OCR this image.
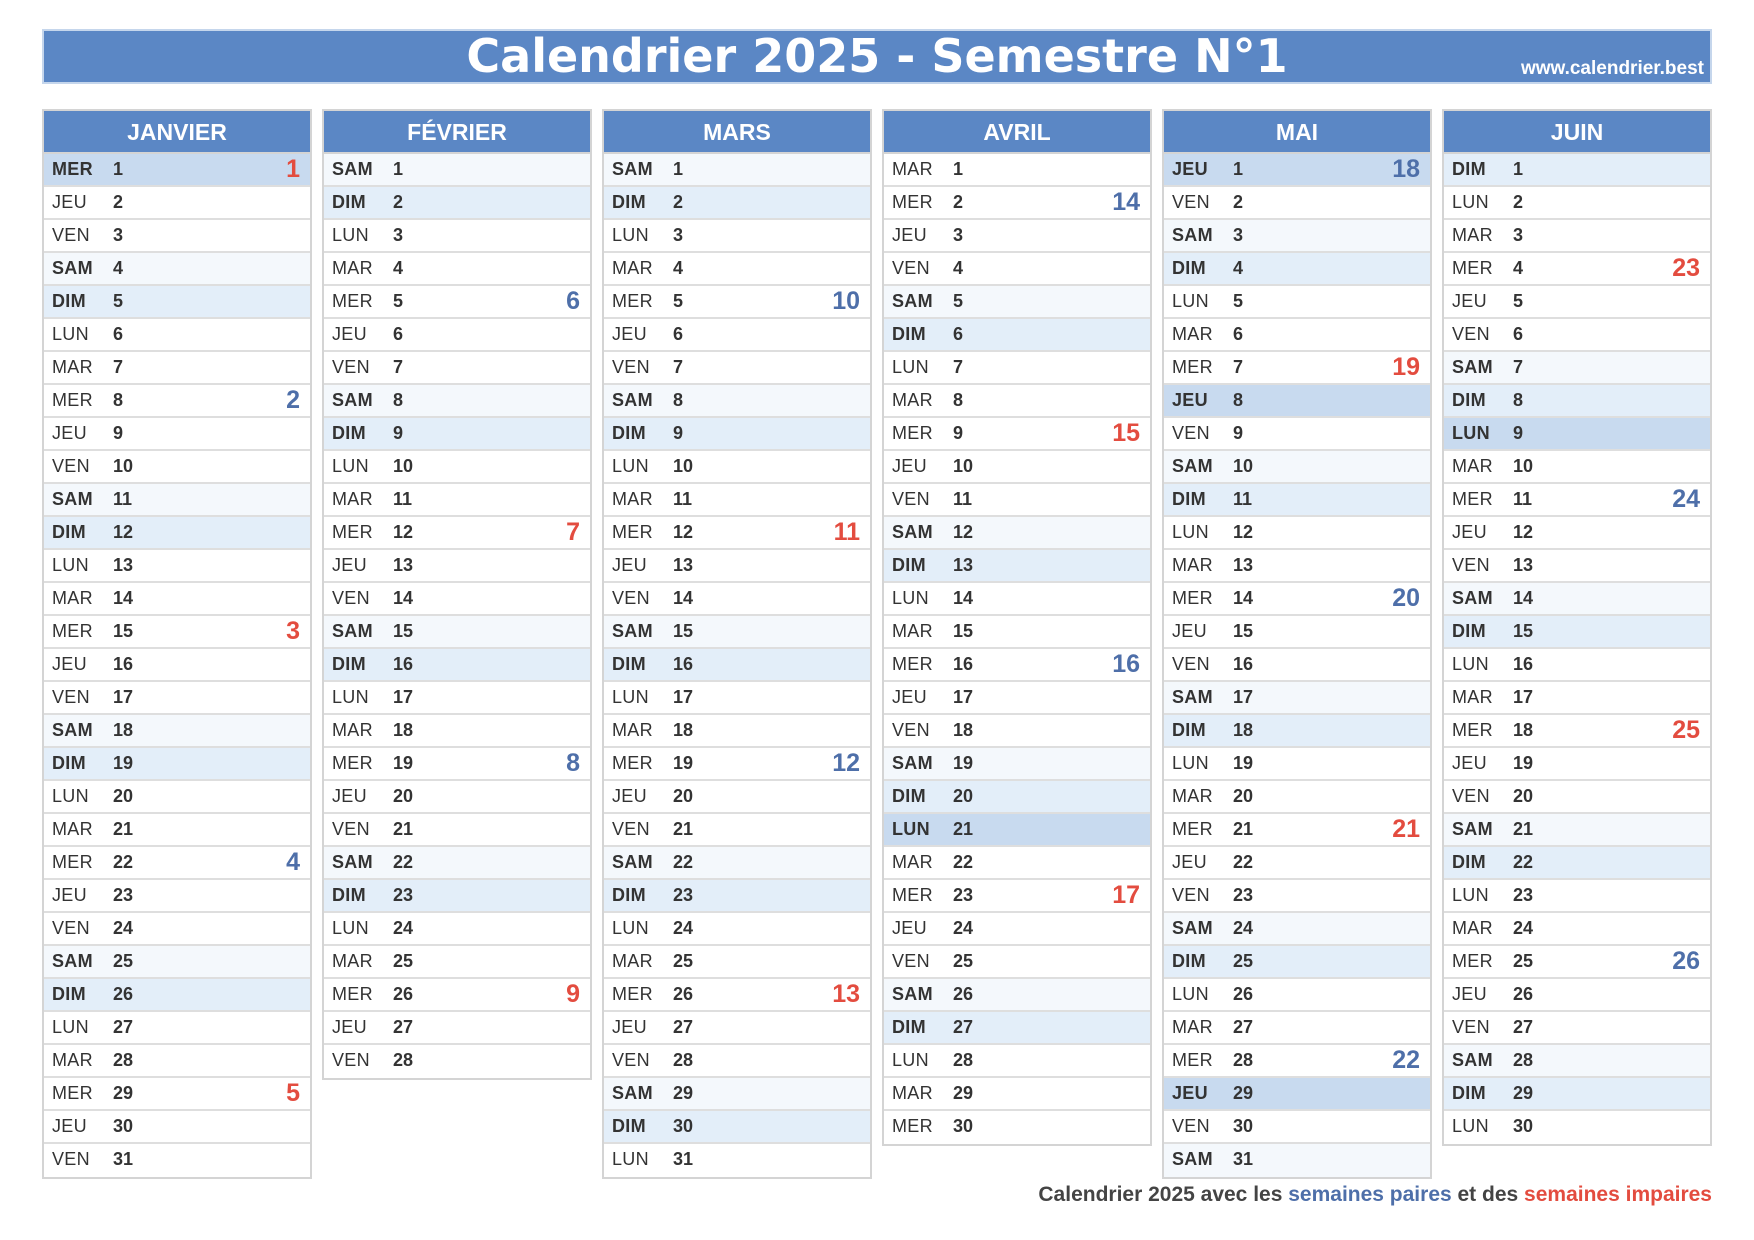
Calendrier 2025 - Semestre N°1	www.calendrier.best
JANVIER
MER 1	1
JEU 2
VEN 3
SAM 4
DIM 5
LUN 6
MAR 7
MER 8	2
JEU 9
VEN 10
SAM 11
DIM 12
LUN 13
MAR 14
MER 15	3
JEU 16
VEN 17
SAM 18
DIM 19
LUN 20
MAR 21
MER 22	4
JEU 23
VEN 24
SAM 25
DIM 26
LUN 27
MAR 28
MER 29	5
JEU 30
VEN 31
FÉVRIER
SAM 1
DIM 2
LUN 3
MAR 4
MER 5	6
JEU 6
VEN 7
SAM 8
DIM 9
LUN 10
MAR 11
MER 12	7
JEU 13
VEN 14
SAM 15
DIM 16
LUN 17
MAR 18
MER 19	8
JEU 20
VEN 21
SAM 22
DIM 23
LUN 24
MAR 25
MER 26	9
JEU 27
VEN 28
MARS
SAM 1
DIM 2
LUN 3
MAR 4
MER 5	10
JEU 6
VEN 7
SAM 8
DIM 9
LUN 10
MAR 11
MER 12	11
JEU 13
VEN 14
SAM 15
DIM 16
LUN 17
MAR 18
MER 19	12
JEU 20
VEN 21
SAM 22
DIM 23
LUN 24
MAR 25
MER 26	13
JEU 27
VEN 28
SAM 29
DIM 30
LUN 31
AVRIL
MAR 1
MER 2	14
JEU 3
VEN 4
SAM 5
DIM 6
LUN 7
MAR 8
MER 9	15
JEU 10
VEN 11
SAM 12
DIM 13
LUN 14
MAR 15
MER 16	16
JEU 17
VEN 18
SAM 19
DIM 20
LUN 21
MAR 22
MER 23	17
JEU 24
VEN 25
SAM 26
DIM 27
LUN 28
MAR 29
MER 30
MAI
JEU 1	18
VEN 2
SAM 3
DIM 4
LUN 5
MAR 6
MER 7	19
JEU 8
VEN 9
SAM 10
DIM 11
LUN 12
MAR 13
MER 14	20
JEU 15
VEN 16
SAM 17
DIM 18
LUN 19
MAR 20
MER 21	21
JEU 22
VEN 23
SAM 24
DIM 25
LUN 26
MAR 27
MER 28	22
JEU 29
VEN 30
SAM 31
JUIN
DIM 1
LUN 2
MAR 3
MER 4	23
JEU 5
VEN 6
SAM 7
DIM 8
LUN 9
MAR 10
MER 11	24
JEU 12
VEN 13
SAM 14
DIM 15
LUN 16
MAR 17
MER 18	25
JEU 19
VEN 20
SAM 21
DIM 22
LUN 23
MAR 24
MER 25	26
JEU 26
VEN 27
SAM 28
DIM 29
LUN 30
Calendrier 2025 avec les semaines paires et des semaines impaires
